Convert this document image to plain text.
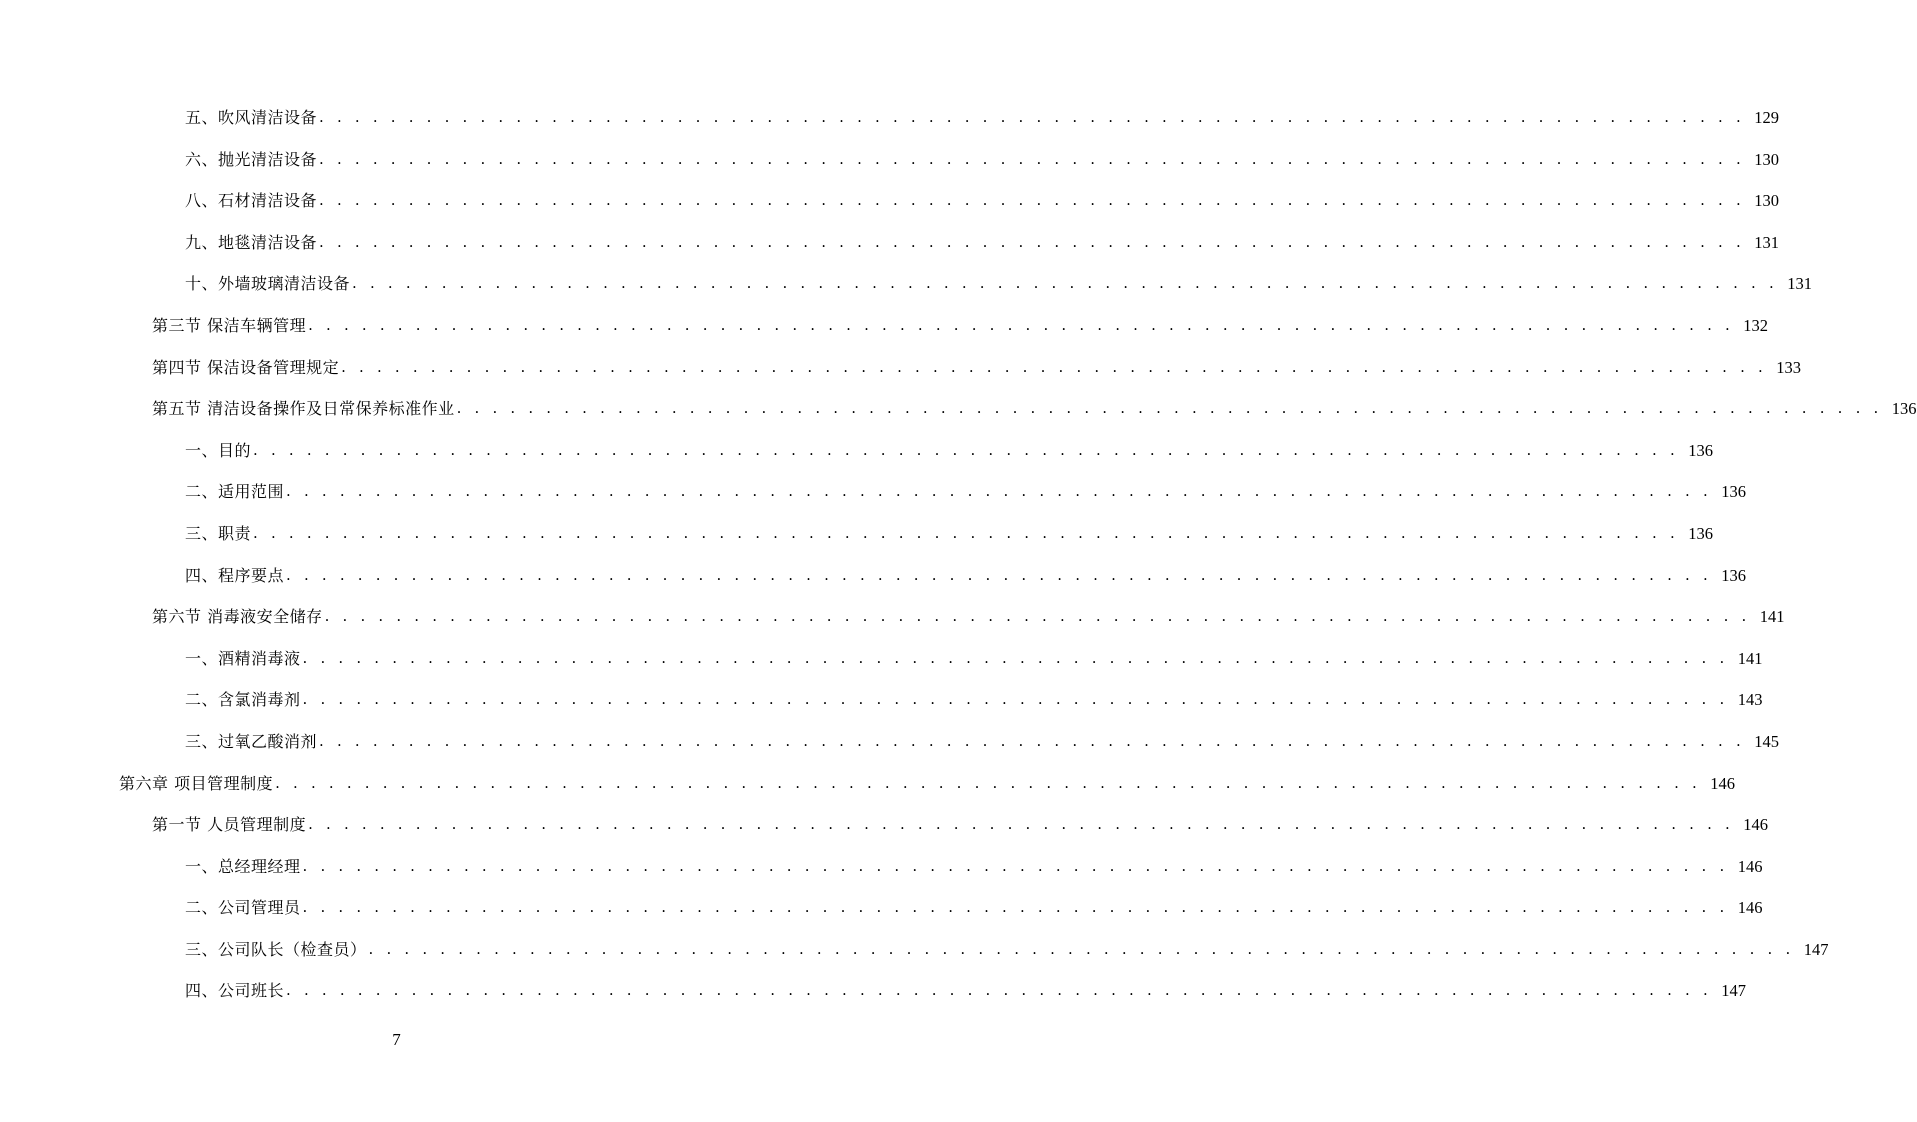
五、吹风清洁设备 . . . . . . . . . . . . . . . . . . . . . . . . . . . . . . . . . . . . . . . . . . . . . . . . . . . . . . . . . . . . . . . . . . . . . . . . . . . . . . . . 129
六、抛光清洁设备 . . . . . . . . . . . . . . . . . . . . . . . . . . . . . . . . . . . . . . . . . . . . . . . . . . . . . . . . . . . . . . . . . . . . . . . . . . . . . . . . 130
八、石材清洁设备 . . . . . . . . . . . . . . . . . . . . . . . . . . . . . . . . . . . . . . . . . . . . . . . . . . . . . . . . . . . . . . . . . . . . . . . . . . . . . . . . 130
九、地毯清洁设备 . . . . . . . . . . . . . . . . . . . . . . . . . . . . . . . . . . . . . . . . . . . . . . . . . . . . . . . . . . . . . . . . . . . . . . . . . . . . . . . . 131
十、外墙玻璃清洁设备 . . . . . . . . . . . . . . . . . . . . . . . . . . . . . . . . . . . . . . . . . . . . . . . . . . . . . . . . . . . . . . . . . . . . . . . . . . . . . . . . 131
第三节 保洁车辆管理 . . . . . . . . . . . . . . . . . . . . . . . . . . . . . . . . . . . . . . . . . . . . . . . . . . . . . . . . . . . . . . . . . . . . . . . . . . . . . . . . 132
第四节 保洁设备管理规定 . . . . . . . . . . . . . . . . . . . . . . . . . . . . . . . . . . . . . . . . . . . . . . . . . . . . . . . . . . . . . . . . . . . . . . . . . . . . . . . . 133
第五节 清洁设备操作及日常保养标准作业 . . . . . . . . . . . . . . . . . . . . . . . . . . . . . . . . . . . . . . . . . . . . . . . . . . . . . . . . . . . . . . . . . . . . . . . . . . . . . . . . 136
一、目的 . . . . . . . . . . . . . . . . . . . . . . . . . . . . . . . . . . . . . . . . . . . . . . . . . . . . . . . . . . . . . . . . . . . . . . . . . . . . . . . . 136
二、适用范围 . . . . . . . . . . . . . . . . . . . . . . . . . . . . . . . . . . . . . . . . . . . . . . . . . . . . . . . . . . . . . . . . . . . . . . . . . . . . . . . . 136
三、职责 . . . . . . . . . . . . . . . . . . . . . . . . . . . . . . . . . . . . . . . . . . . . . . . . . . . . . . . . . . . . . . . . . . . . . . . . . . . . . . . . 136
四、程序要点 . . . . . . . . . . . . . . . . . . . . . . . . . . . . . . . . . . . . . . . . . . . . . . . . . . . . . . . . . . . . . . . . . . . . . . . . . . . . . . . . 136
第六节 消毒液安全储存 . . . . . . . . . . . . . . . . . . . . . . . . . . . . . . . . . . . . . . . . . . . . . . . . . . . . . . . . . . . . . . . . . . . . . . . . . . . . . . . . 141
一、酒精消毒液 . . . . . . . . . . . . . . . . . . . . . . . . . . . . . . . . . . . . . . . . . . . . . . . . . . . . . . . . . . . . . . . . . . . . . . . . . . . . . . . . 141
二、含氯消毒剂 . . . . . . . . . . . . . . . . . . . . . . . . . . . . . . . . . . . . . . . . . . . . . . . . . . . . . . . . . . . . . . . . . . . . . . . . . . . . . . . . 143
三、过氧乙酸消剂 . . . . . . . . . . . . . . . . . . . . . . . . . . . . . . . . . . . . . . . . . . . . . . . . . . . . . . . . . . . . . . . . . . . . . . . . . . . . . . . . 145
第六章 项目管理制度 . . . . . . . . . . . . . . . . . . . . . . . . . . . . . . . . . . . . . . . . . . . . . . . . . . . . . . . . . . . . . . . . . . . . . . . . . . . . . . . . 146
第一节 人员管理制度 . . . . . . . . . . . . . . . . . . . . . . . . . . . . . . . . . . . . . . . . . . . . . . . . . . . . . . . . . . . . . . . . . . . . . . . . . . . . . . . . 146
一、总经理经理 . . . . . . . . . . . . . . . . . . . . . . . . . . . . . . . . . . . . . . . . . . . . . . . . . . . . . . . . . . . . . . . . . . . . . . . . . . . . . . . . 146
二、公司管理员 . . . . . . . . . . . . . . . . . . . . . . . . . . . . . . . . . . . . . . . . . . . . . . . . . . . . . . . . . . . . . . . . . . . . . . . . . . . . . . . . 146
三、公司队长（检查员） . . . . . . . . . . . . . . . . . . . . . . . . . . . . . . . . . . . . . . . . . . . . . . . . . . . . . . . . . . . . . . . . . . . . . . . . . . . . . . . . 147
四、公司班长 . . . . . . . . . . . . . . . . . . . . . . . . . . . . . . . . . . . . . . . . . . . . . . . . . . . . . . . . . . . . . . . . . . . . . . . . . . . . . . . . 147
7
